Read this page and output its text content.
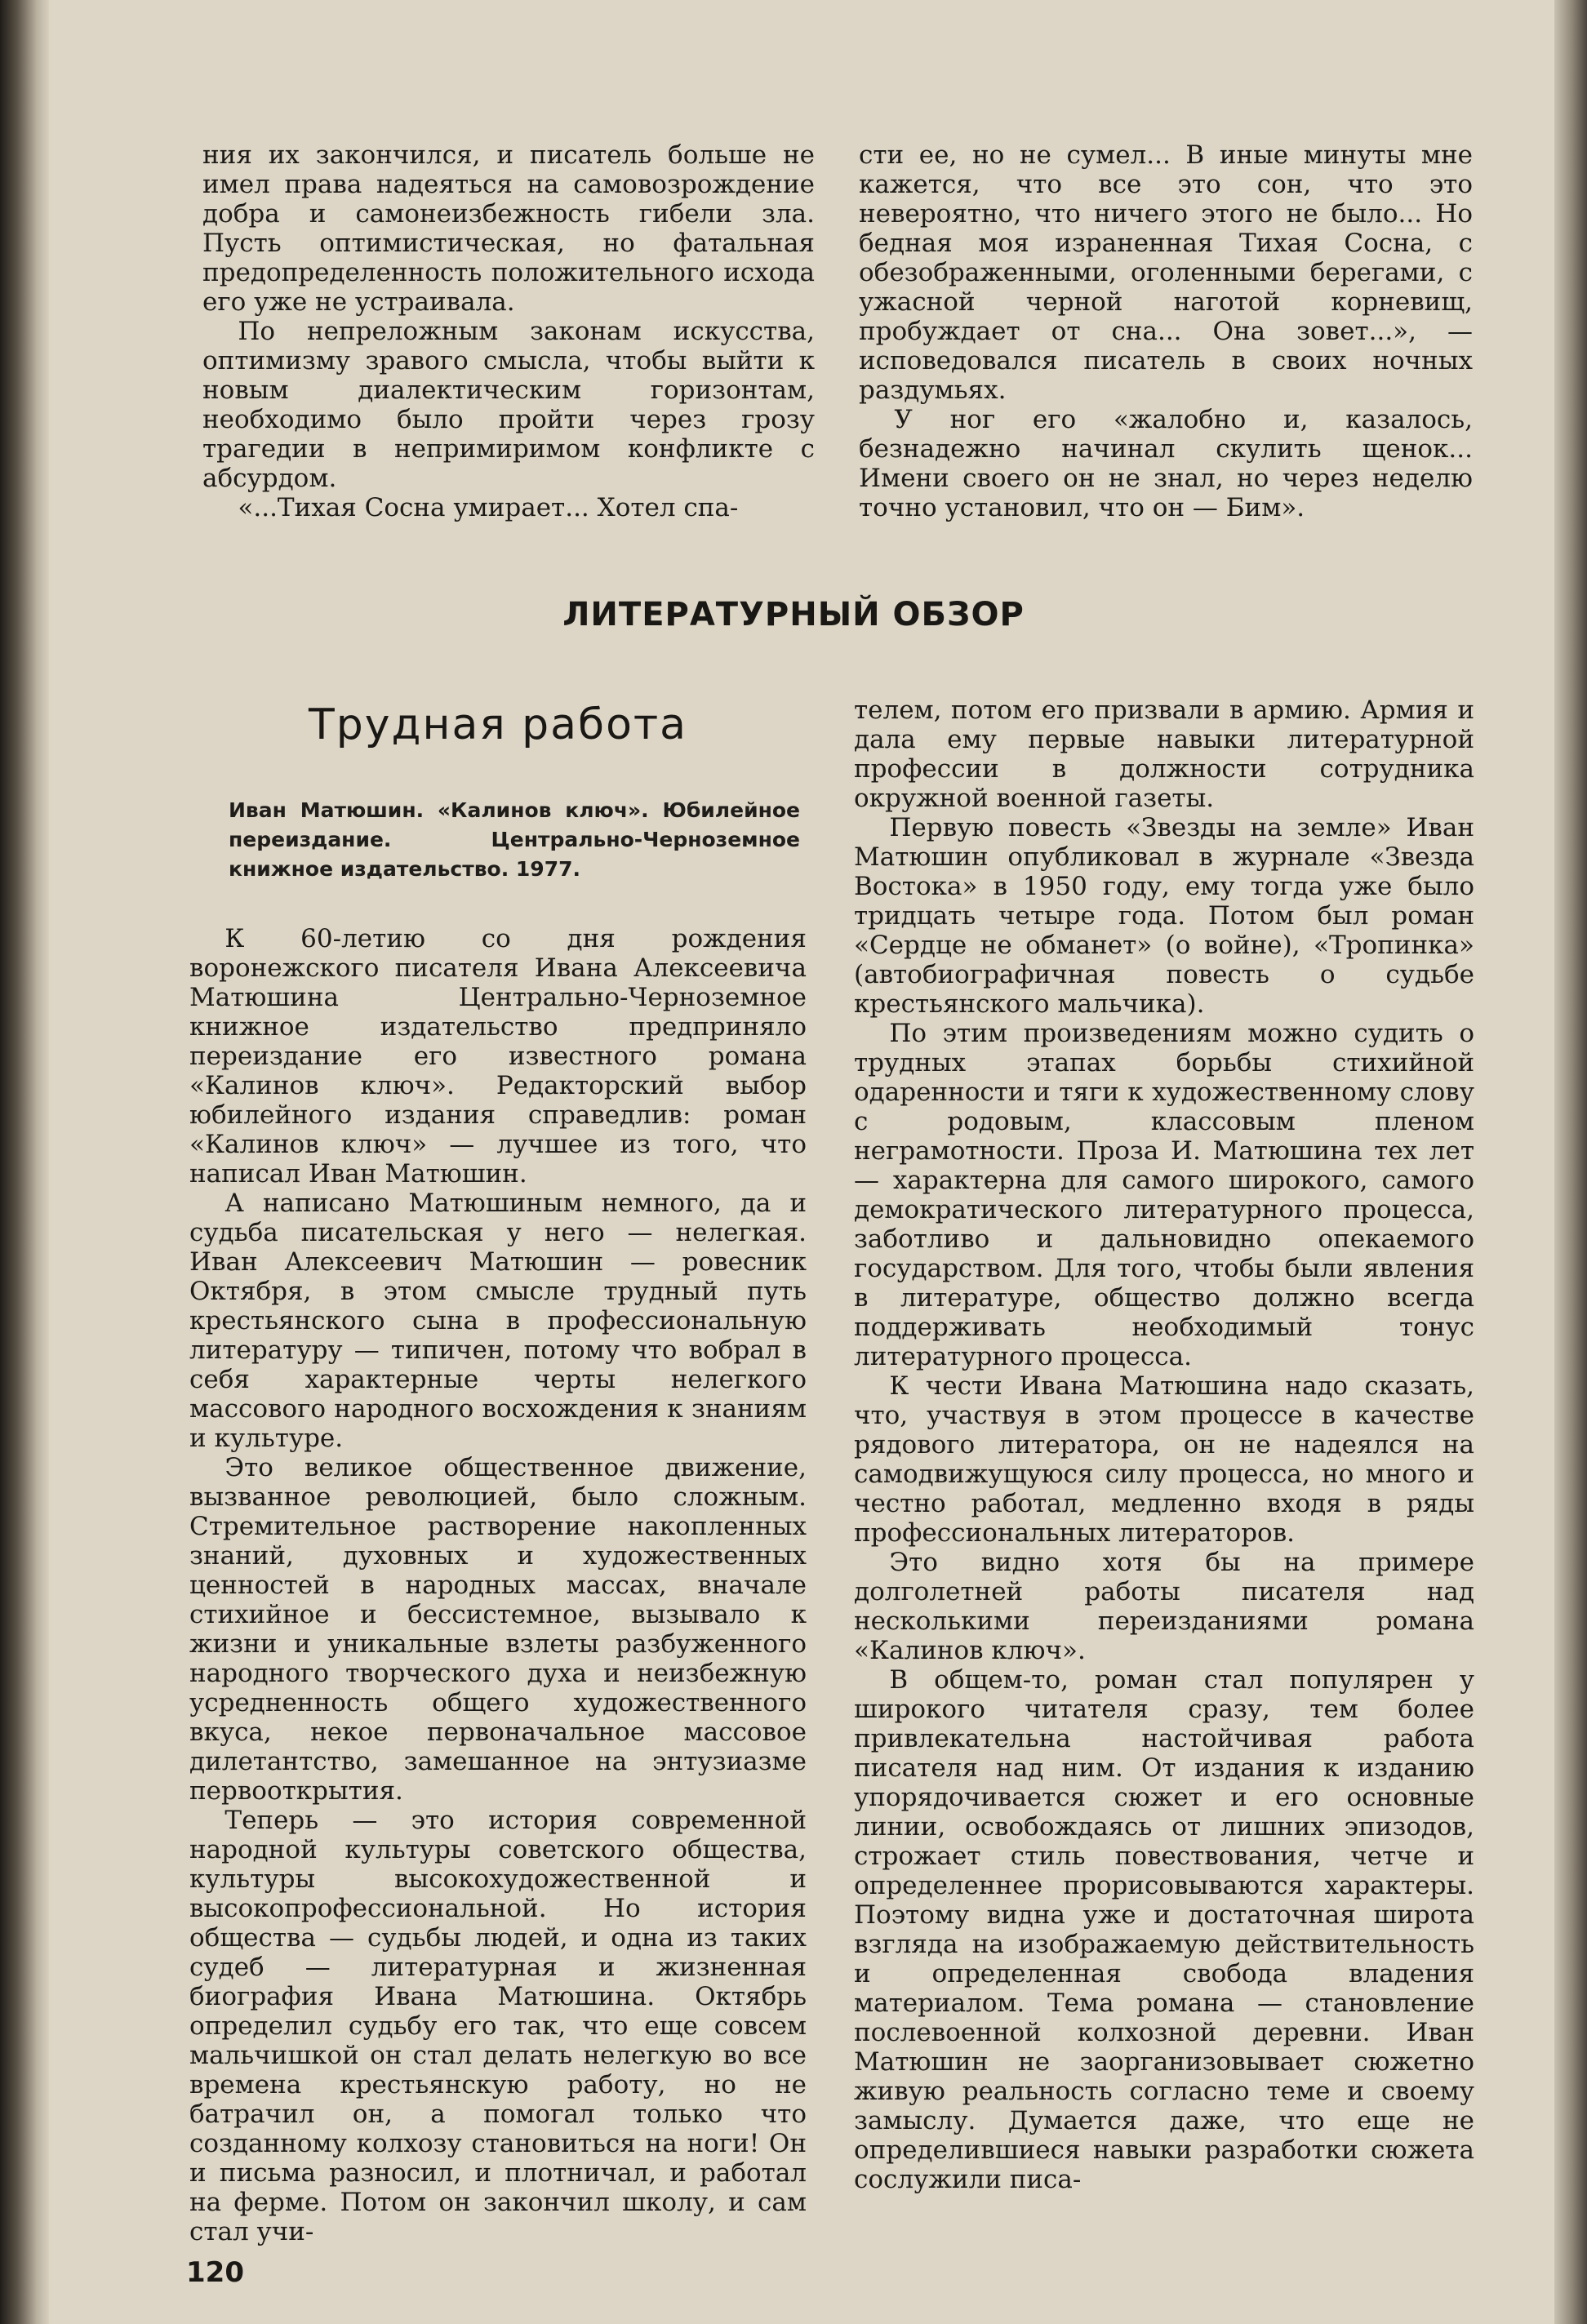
ния их закончился, и писатель больше не имел права надеяться на самовозрождение добра и самонеизбежность гибели зла. Пусть оптимистическая, но фатальная предопределенность положительного исхода его уже не устраивала.

По непреложным законам искусства, оптимизму зравого смысла, чтобы выйти к новым диалектическим горизонтам, необходимо было пройти через грозу трагедии в непримиримом конфликте с абсурдом.

«...Тихая Сосна умирает... Хотел спа-

сти ее, но не сумел... В иные минуты мне кажется, что все это сон, что это невероятно, что ничего этого не было... Но бедная моя израненная Тихая Сосна, с обезображенными, оголенными берегами, с ужасной черной наготой корневищ, пробуждает от сна... Она зовет...», — исповедовался писатель в своих ночных раздумьях.

У ног его «жалобно и, казалось, безнадежно начинал скулить щенок... Имени своего он не знал, но через неделю точно установил, что он — Бим».

ЛИТЕРАТУРНЫЙ ОБЗОР
Трудная работа
Иван Матюшин. «Калинов ключ». Юбилейное переиздание. Центрально-Черноземное книжное издательство. 1977.

К 60-летию со дня рождения воронежского писателя Ивана Алексеевича Матюшина Центрально-Черноземное книжное издательство предприняло переиздание его известного романа «Калинов ключ». Редакторский выбор юбилейного издания справедлив: роман «Калинов ключ» — лучшее из того, что написал Иван Матюшин.

А написано Матюшиным немного, да и судьба писательская у него — нелегкая. Иван Алексеевич Матюшин — ровесник Октября, в этом смысле трудный путь крестьянского сына в профессиональную литературу — типичен, потому что вобрал в себя характерные черты нелегкого массового народного восхождения к знаниям и культуре.

Это великое общественное движение, вызванное революцией, было сложным. Стремительное растворение накопленных знаний, духовных и художественных ценностей в народных массах, вначале стихийное и бессистемное, вызывало к жизни и уникальные взлеты разбуженного народного творческого духа и неизбежную усредненность общего художественного вкуса, некое первоначальное массовое дилетантство, замешанное на энтузиазме первооткрытия.

Теперь — это история современной народной культуры советского общества, культуры высокохудожественной и высокопрофессиональной. Но история общества — судьбы людей, и одна из таких судеб — литературная и жизненная биография Ивана Матюшина. Октябрь определил судьбу его так, что еще совсем мальчишкой он стал делать нелегкую во все времена крестьянскую работу, но не батрачил он, а помогал только что созданному колхозу становиться на ноги! Он и письма разносил, и плотничал, и работал на ферме. Потом он закончил школу, и сам стал учи-

телем, потом его призвали в армию. Армия и дала ему первые навыки литературной профессии в должности сотрудника окружной военной газеты.

Первую повесть «Звезды на земле» Иван Матюшин опубликовал в журнале «Звезда Востока» в 1950 году, ему тогда уже было тридцать четыре года. Потом был роман «Сердце не обманет» (о войне), «Тропинка» (автобиографичная повесть о судьбе крестьянского мальчика).

По этим произведениям можно судить о трудных этапах борьбы стихийной одаренности и тяги к художественному слову с родовым, классовым пленом неграмотности. Проза И. Матюшина тех лет — характерна для самого широкого, самого демократического литературного процесса, заботливо и дальновидно опекаемого государством. Для того, чтобы были явления в литературе, общество должно всегда поддерживать необходимый тонус литературного процесса.

К чести Ивана Матюшина надо сказать, что, участвуя в этом процессе в качестве рядового литератора, он не надеялся на самодвижущуюся силу процесса, но много и честно работал, медленно входя в ряды профессиональных литераторов.

Это видно хотя бы на примере долголетней работы писателя над несколькими переизданиями романа «Калинов ключ».

В общем-то, роман стал популярен у широкого читателя сразу, тем более привлекательна настойчивая работа писателя над ним. От издания к изданию упорядочивается сюжет и его основные линии, освобождаясь от лишних эпизодов, строжает стиль повествования, четче и определеннее прорисовываются характеры. Поэтому видна уже и достаточная широта взгляда на изображаемую действительность и определенная свобода владения материалом. Тема романа — становление послевоенной колхозной деревни. Иван Матюшин не заорганизовывает сюжетно живую реальность согласно теме и своему замыслу. Думается даже, что еще не определившиеся навыки разработки сюжета сослужили писа-

120
